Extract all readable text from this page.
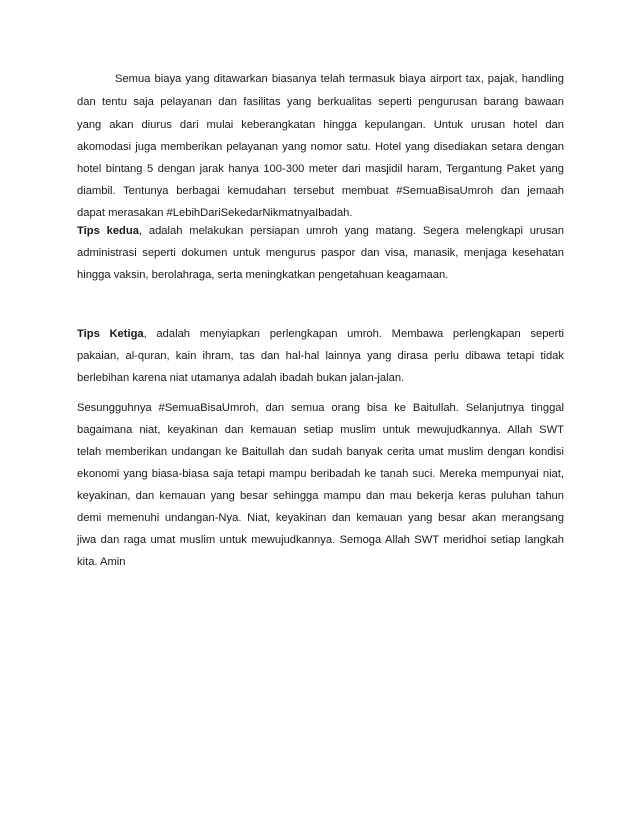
Semua biaya yang ditawarkan biasanya telah termasuk biaya airport tax, pajak, handling
dan tentu saja pelayanan dan fasilitas yang berkualitas seperti pengurusan barang bawaan
yang akan diurus dari mulai keberangkatan hingga kepulangan. Untuk urusan hotel dan
akomodasi juga memberikan pelayanan yang nomor satu. Hotel yang disediakan setara dengan
hotel bintang 5 dengan jarak hanya 100-300 meter dari masjidil haram, Tergantung Paket yang
diambil. Tentunya berbagai kemudahan tersebut membuat #SemuaBisaUmroh dan jemaah
dapat merasakan #LebihDariSekedarNikmatnyaIbadah.
Tips kedua, adalah melakukan persiapan umroh yang matang. Segera melengkapi urusan
administrasi seperti dokumen untuk mengurus paspor dan visa, manasik, menjaga kesehatan
hingga vaksin, berolahraga, serta meningkatkan pengetahuan keagamaan.
Tips Ketiga, adalah menyiapkan perlengkapan umroh. Membawa perlengkapan seperti
pakaian, al-quran, kain ihram, tas dan hal-hal lainnya yang dirasa perlu dibawa tetapi tidak
berlebihan karena niat utamanya adalah ibadah bukan jalan-jalan.
Sesungguhnya #SemuaBisaUmroh, dan semua orang bisa ke Baitullah. Selanjutnya tinggal
bagaimana niat, keyakinan dan kemauan setiap muslim untuk mewujudkannya. Allah SWT
telah memberikan undangan ke Baitullah dan sudah banyak cerita umat muslim dengan kondisi
ekonomi yang biasa-biasa saja tetapi mampu beribadah ke tanah suci. Mereka mempunyai niat,
keyakinan, dan kemauan yang besar sehingga mampu dan mau bekerja keras puluhan tahun
demi memenuhi undangan-Nya. Niat, keyakinan dan kemauan yang besar akan merangsang
jiwa dan raga umat muslim untuk mewujudkannya. Semoga Allah SWT meridhoi setiap langkah
kita. Amin
